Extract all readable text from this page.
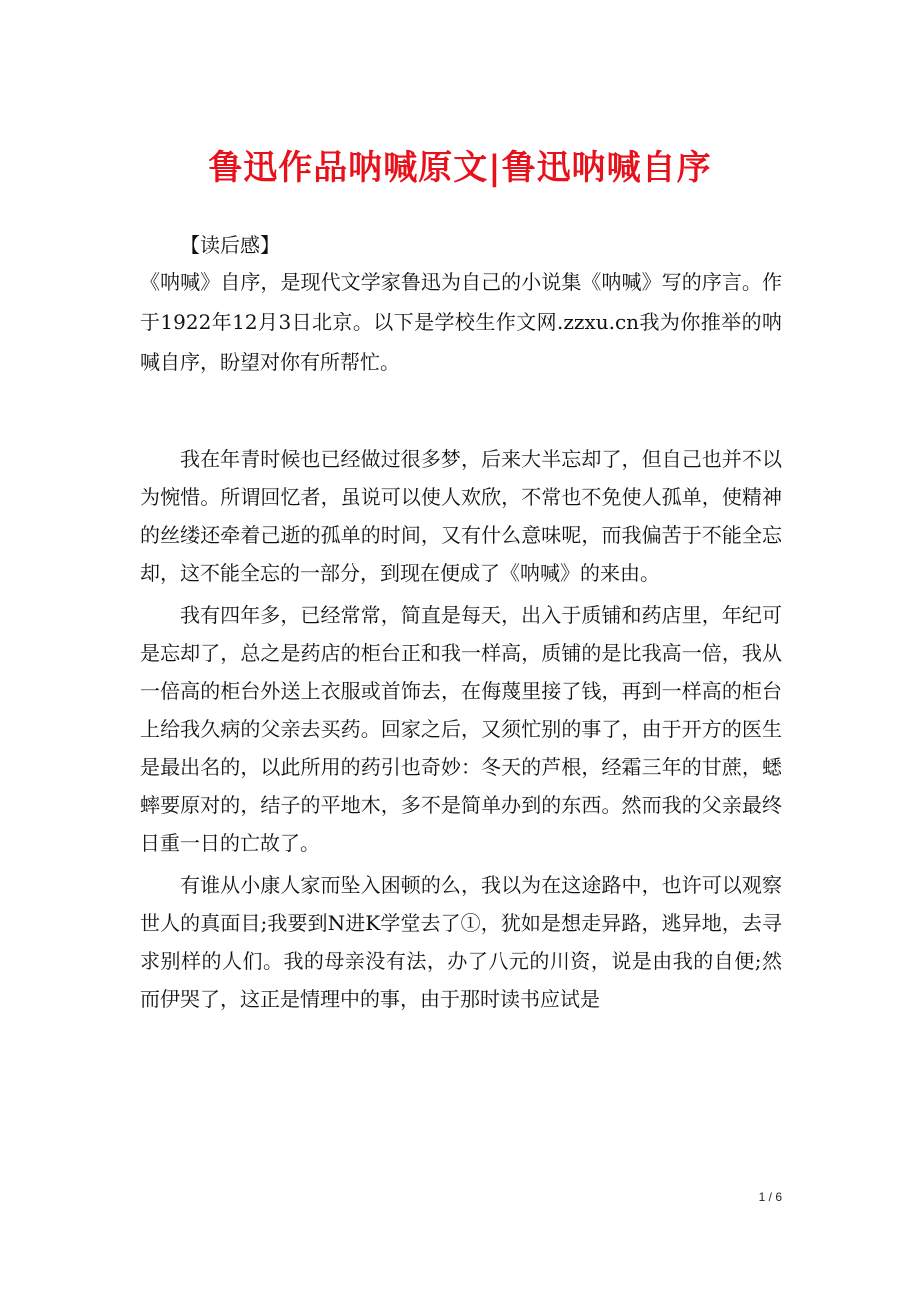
鲁迅作品呐喊原文|鲁迅呐喊自序
【读后感】

《呐喊》自序，是现代文学家鲁迅为自己的小说集《呐喊》写的序言。作于1922年12月3日北京。以下是学校生作文网.zzxu.cn我为你推举的呐喊自序，盼望对你有所帮忙。

我在年青时候也已经做过很多梦，后来大半忘却了，但自己也并不以为惋惜。所谓回忆者，虽说可以使人欢欣，不常也不免使人孤单，使精神的丝缕还牵着己逝的孤单的时间，又有什么意味呢，而我偏苦于不能全忘却，这不能全忘的一部分，到现在便成了《呐喊》的来由。

我有四年多，已经常常，简直是每天，出入于质铺和药店里，年纪可是忘却了，总之是药店的柜台正和我一样高，质铺的是比我高一倍，我从一倍高的柜台外送上衣服或首饰去，在侮蔑里接了钱，再到一样高的柜台上给我久病的父亲去买药。回家之后，又须忙别的事了，由于开方的医生是最出名的，以此所用的药引也奇妙：冬天的芦根，经霜三年的甘蔗，蟋蟀要原对的，结子的平地木，多不是简单办到的东西。然而我的父亲最终日重一日的亡故了。

有谁从小康人家而坠入困顿的么，我以为在这途路中，也许可以观察世人的真面目;我要到N进K学堂去了①，犹如是想走异路，逃异地，去寻求别样的人们。我的母亲没有法，办了八元的川资，说是由我的自便;然而伊哭了，这正是情理中的事，由于那时读书应试是

1 / 6
